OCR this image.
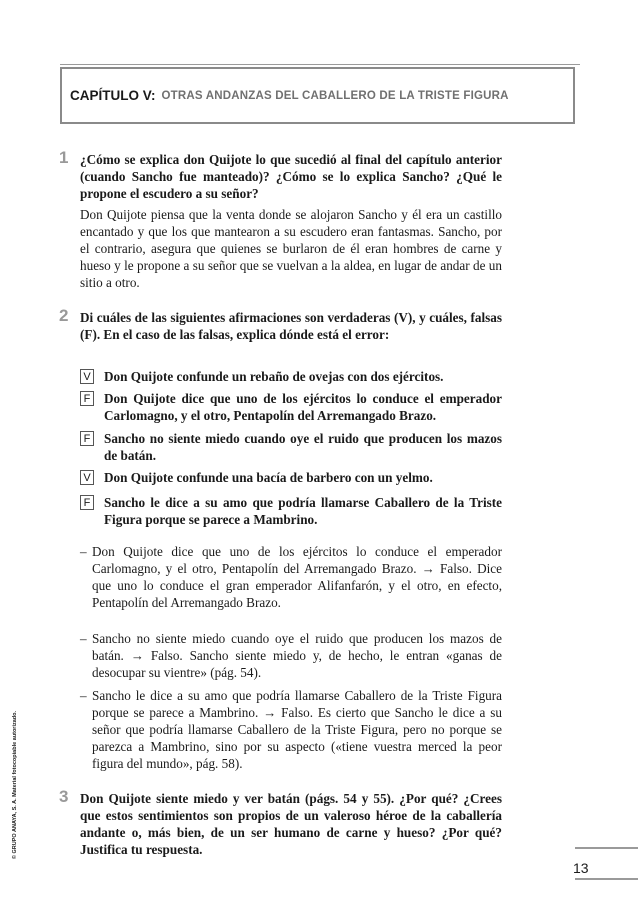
CAPÍTULO V: OTRAS ANDANZAS DEL CABALLERO DE LA TRISTE FIGURA
1 ¿Cómo se explica don Quijote lo que sucedió al final del capítulo anterior (cuando Sancho fue manteado)? ¿Cómo se lo explica Sancho? ¿Qué le propone el escudero a su señor?
Don Quijote piensa que la venta donde se alojaron Sancho y él era un castillo encantado y que los que mantearon a su escudero eran fantasmas. Sancho, por el contrario, asegura que quienes se burlaron de él eran hombres de carne y hueso y le propone a su señor que se vuelvan a la aldea, en lugar de andar de un sitio a otro.
2 Di cuáles de las siguientes afirmaciones son verdaderas (V), y cuáles, falsas (F). En el caso de las falsas, explica dónde está el error:
V Don Quijote confunde un rebaño de ovejas con dos ejércitos.
F Don Quijote dice que uno de los ejércitos lo conduce el emperador Carlomagno, y el otro, Pentapolín del Arremangado Brazo.
F Sancho no siente miedo cuando oye el ruido que producen los mazos de batán.
V Don Quijote confunde una bacía de barbero con un yelmo.
F Sancho le dice a su amo que podría llamarse Caballero de la Triste Figura porque se parece a Mambrino.
– Don Quijote dice que uno de los ejércitos lo conduce el emperador Carlomagno, y el otro, Pentapolín del Arremangado Brazo. → Falso. Dice que uno lo conduce el gran emperador Alifanfarón, y el otro, en efecto, Pentapolín del Arremangado Brazo.
– Sancho no siente miedo cuando oye el ruido que producen los mazos de batán. → Falso. Sancho siente miedo y, de hecho, le entran «ganas de desocupar su vientre» (pág. 54).
– Sancho le dice a su amo que podría llamarse Caballero de la Triste Figura porque se parece a Mambrino. → Falso. Es cierto que Sancho le dice a su señor que podría llamarse Caballero de la Triste Figura, pero no porque se parezca a Mambrino, sino por su aspecto («tiene vuestra merced la peor figura del mundo», pág. 58).
3 Don Quijote siente miedo y ver batán (págs. 54 y 55). ¿Por qué? ¿Crees que estos sentimientos son propios de un valeroso héroe de la caballería andante o, más bien, de un ser humano de carne y hueso? ¿Por qué? Justifica tu respuesta.
© GRUPO ANAYA, S. A. Material fotocopiable autorizado.
13
